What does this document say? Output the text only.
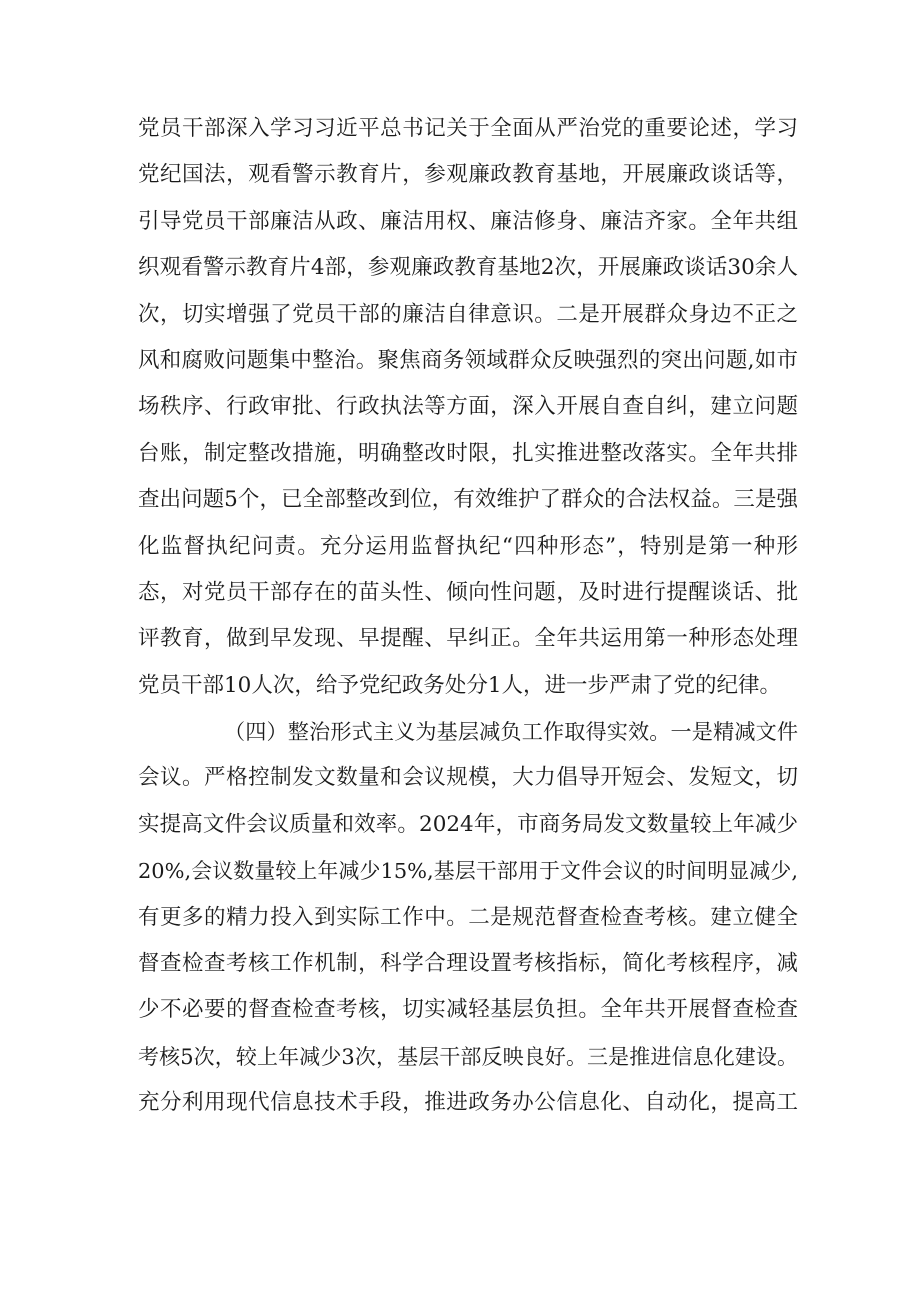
党员干部深入学习习近平总书记关于全面从严治党的重要论述，学习
党纪国法，观看警示教育片，参观廉政教育基地，开展廉政谈话等，
引导党员干部廉洁从政、廉洁用权、廉洁修身、廉洁齐家。全年共组
织观看警示教育片4部，参观廉政教育基地2次，开展廉政谈话30余人
次，切实增强了党员干部的廉洁自律意识。二是开展群众身边不正之
风和腐败问题集中整治。聚焦商务领域群众反映强烈的突出问题,如市
场秩序、行政审批、行政执法等方面，深入开展自查自纠，建立问题
台账，制定整改措施，明确整改时限，扎实推进整改落实。全年共排
查出问题5个，已全部整改到位，有效维护了群众的合法权益。三是强
化监督执纪问责。充分运用监督执纪“四种形态”，特别是第一种形
态，对党员干部存在的苗头性、倾向性问题，及时进行提醒谈话、批
评教育，做到早发现、早提醒、早纠正。全年共运用第一种形态处理
党员干部10人次，给予党纪政务处分1人，进一步严肃了党的纪律。
（四）整治形式主义为基层减负工作取得实效。一是精减文件
会议。严格控制发文数量和会议规模，大力倡导开短会、发短文，切
实提高文件会议质量和效率。2024年，市商务局发文数量较上年减少
20%,会议数量较上年减少15%,基层干部用于文件会议的时间明显减少,
有更多的精力投入到实际工作中。二是规范督查检查考核。建立健全
督查检查考核工作机制，科学合理设置考核指标，简化考核程序，减
少不必要的督查检查考核，切实减轻基层负担。全年共开展督查检查
考核5次，较上年减少3次，基层干部反映良好。三是推进信息化建设。
充分利用现代信息技术手段，推进政务办公信息化、自动化，提高工
